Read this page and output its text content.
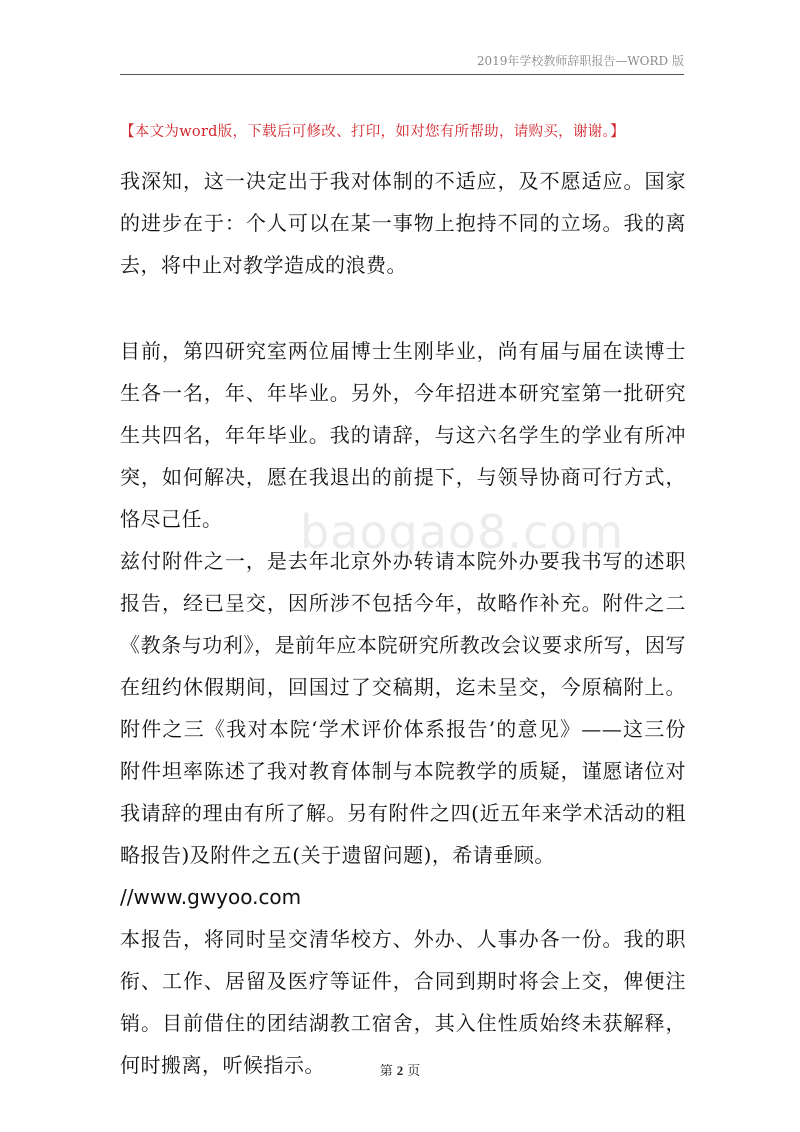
2019年学校教师辞职报告—WORD 版
【本文为word版，下载后可修改、打印，如对您有所帮助，请购买，谢谢。】
baogao8.com
我深知，这一决定出于我对体制的不适应，及不愿适应。国家的进步在于：个人可以在某一事物上抱持不同的立场。我的离去，将中止对教学造成的浪费。
目前，第四研究室两位届博士生刚毕业，尚有届与届在读博士生各一名，年、年毕业。另外，今年招进本研究室第一批研究生共四名，年年毕业。我的请辞，与这六名学生的学业有所冲突，如何解决，愿在我退出的前提下，与领导协商可行方式，恪尽己任。
兹付附件之一，是去年北京外办转请本院外办要我书写的述职报告，经已呈交，因所涉不包括今年，故略作补充。附件之二《教条与功利》，是前年应本院研究所教改会议要求所写，因写在纽约休假期间，回国过了交稿期，迄未呈交，今原稿附上。附件之三《我对本院‘学术评价体系报告’的意见》——这三份附件坦率陈述了我对教育体制与本院教学的质疑，谨愿诸位对我请辞的理由有所了解。另有附件之四(近五年来学术活动的粗略报告)及附件之五(关于遗留问题)，希请垂顾。
//www.gwyoo.com
本报告，将同时呈交清华校方、外办、人事办各一份。我的职衔、工作、居留及医疗等证件，合同到期时将会上交，俾便注销。目前借住的团结湖教工宿舍，其入住性质始终未获解释，何时搬离，听候指示。	第 2 页
